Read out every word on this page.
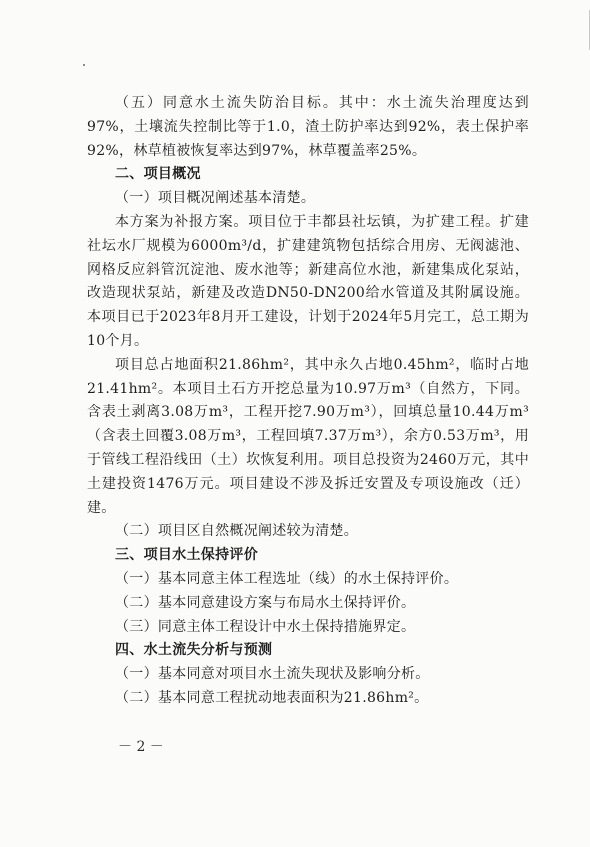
（五）同意水土流失防治目标。其中：水土流失治理度达到97%，土壤流失控制比等于1.0，渣土防护率达到92%，表土保护率92%，林草植被恢复率达到97%，林草覆盖率25%。

二、项目概况

（一）项目概况阐述基本清楚。

本方案为补报方案。项目位于丰都县社坛镇，为扩建工程。扩建社坛水厂规模为6000m³/d，扩建建筑物包括综合用房、无阀滤池、网格反应斜管沉淀池、废水池等；新建高位水池，新建集成化泵站，改造现状泵站，新建及改造DN50-DN200给水管道及其附属设施。本项目已于2023年8月开工建设，计划于2024年5月完工，总工期为10个月。

项目总占地面积21.86hm²，其中永久占地0.45hm²，临时占地21.41hm²。本项目土石方开挖总量为10.97万m³（自然方，下同。含表土剥离3.08万m³，工程开挖7.90万m³），回填总量10.44万m³（含表土回覆3.08万m³，工程回填7.37万m³），余方0.53万m³，用于管线工程沿线田（土）坎恢复利用。项目总投资为2460万元，其中土建投资1476万元。项目建设不涉及拆迁安置及专项设施改（迁）建。

（二）项目区自然概况阐述较为清楚。

三、项目水土保持评价

（一）基本同意主体工程选址（线）的水土保持评价。

（二）基本同意建设方案与布局水土保持评价。

（三）同意主体工程设计中水土保持措施界定。

四、水土流失分析与预测

（一）基本同意对项目水土流失现状及影响分析。

（二）基本同意工程扰动地表面积为21.86hm²。

－ 2 －
